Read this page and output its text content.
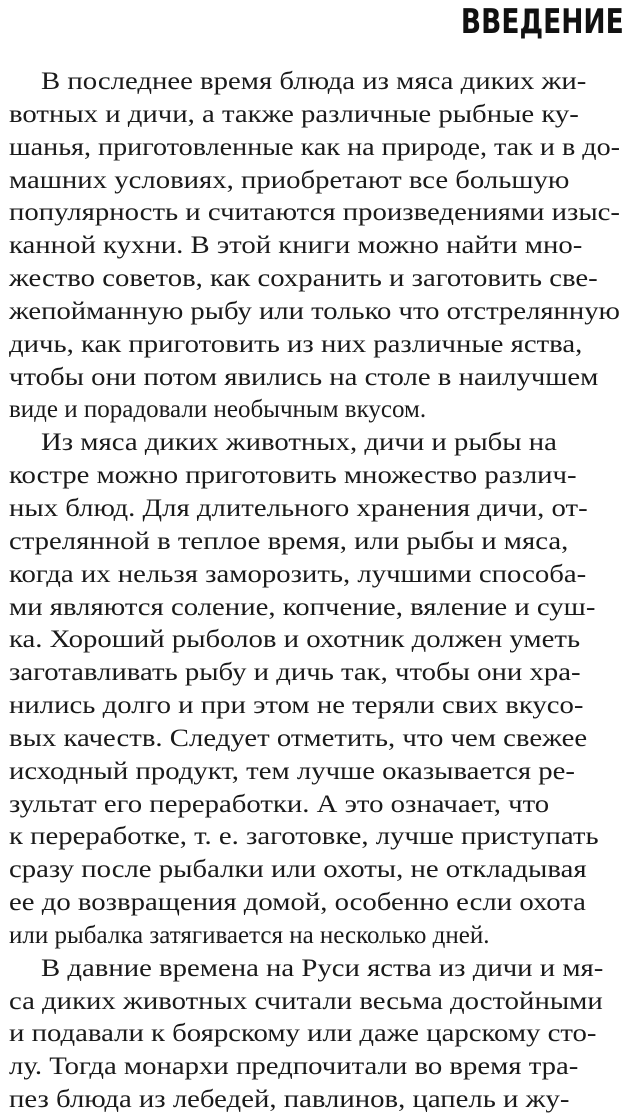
ВВЕДЕНИЕ
В последнее время блюда из мяса диких жи-
вотных и дичи, а также различные рыбные ку-
шанья, приготовленные как на природе, так и в до-
машних условиях, приобретают все большую
популярность и считаются произведениями изыс-
канной кухни. В этой книги можно найти мно-
жество советов, как сохранить и заготовить све-
жепойманную рыбу или только что отстрелянную
дичь, как приготовить из них различные яства,
чтобы они потом явились на столе в наилучшем
виде и порадовали необычным вкусом.
Из мяса диких животных, дичи и рыбы на
костре можно приготовить множество различ-
ных блюд. Для длительного хранения дичи, от-
стрелянной в теплое время, или рыбы и мяса,
когда их нельзя заморозить, лучшими способа-
ми являются соление, копчение, вяление и суш-
ка. Хороший рыболов и охотник должен уметь
заготавливать рыбу и дичь так, чтобы они хра-
нились долго и при этом не теряли свих вкусо-
вых качеств. Следует отметить, что чем свежее
исходный продукт, тем лучше оказывается ре-
зультат его переработки. А это означает, что
к переработке, т. е. заготовке, лучше приступать
сразу после рыбалки или охоты, не откладывая
ее до возвращения домой, особенно если охота
или рыбалка затягивается на несколько дней.
В давние времена на Руси яства из дичи и мя-
са диких животных считали весьма достойными
и подавали к боярскому или даже царскому сто-
лу. Тогда монархи предпочитали во время тра-
пез блюда из лебедей, павлинов, цапель и жу-
